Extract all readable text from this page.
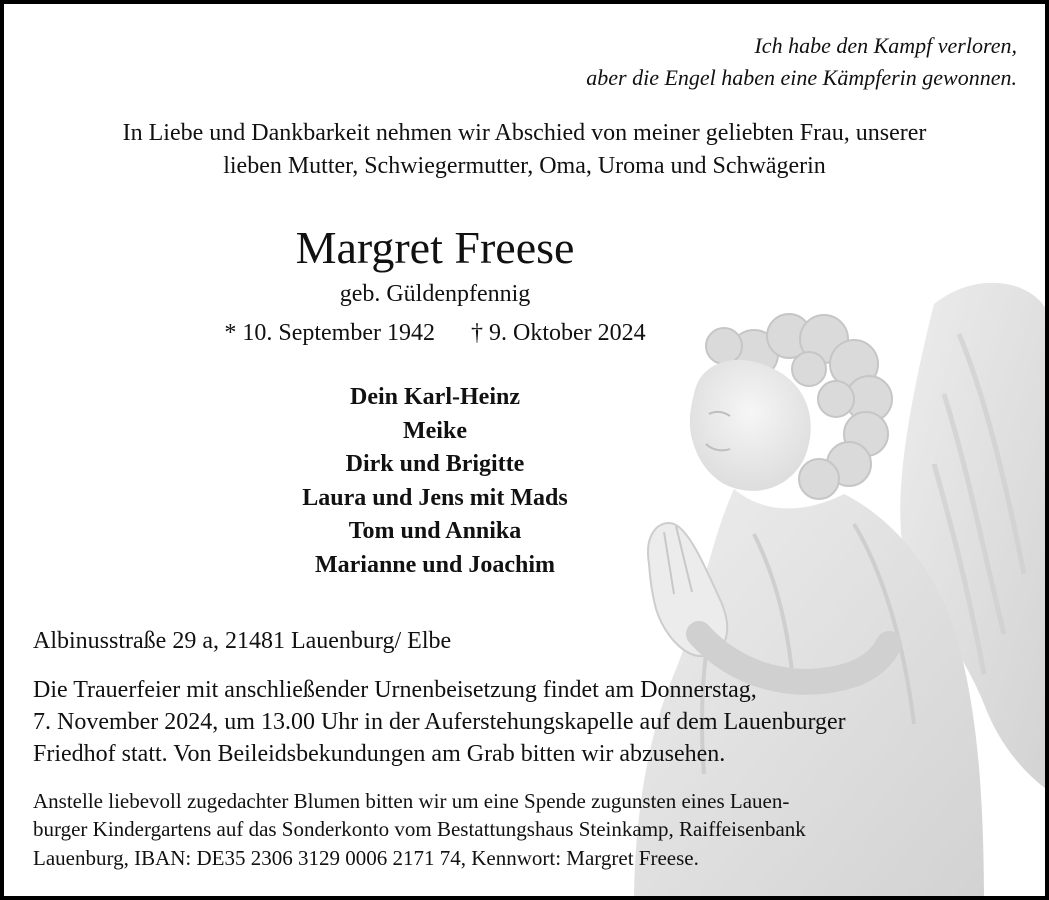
Ich habe den Kampf verloren,
aber die Engel haben eine Kämpferin gewonnen.
In Liebe und Dankbarkeit nehmen wir Abschied von meiner geliebten Frau, unserer
lieben Mutter, Schwiegermutter, Oma, Uroma und Schwägerin
Margret Freese
geb. Güldenpfennig
* 10. September 1942 † 9. Oktober 2024
Dein Karl-Heinz
Meike
Dirk und Brigitte
Laura und Jens mit Mads
Tom und Annika
Marianne und Joachim
Albinusstraße 29 a, 21481 Lauenburg/ Elbe
Die Trauerfeier mit anschließender Urnenbeisetzung findet am Donnerstag,
7. November 2024, um 13.00 Uhr in der Auferstehungskapelle auf dem Lauenburger
Friedhof statt. Von Beileidsbekundungen am Grab bitten wir abzusehen.
Anstelle liebevoll zugedachter Blumen bitten wir um eine Spende zugunsten eines Lauen-
burger Kindergartens auf das Sonderkonto vom Bestattungshaus Steinkamp, Raiffeisenbank
Lauenburg, IBAN: DE35 2306 3129 0006 2171 74, Kennwort: Margret Freese.
